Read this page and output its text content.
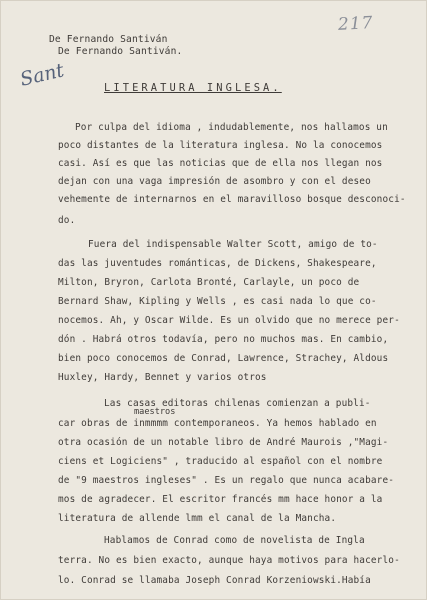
217
De Fernando Santiván
De Fernando Santiván.
Sant	LITERATURA INGLESA.
Por culpa del idioma , indudablemente, nos hallamos un
poco distantes de la literatura inglesa. No la conocemos
casi. Así es que las noticias que de ella nos llegan nos
dejan con una vaga impresión de asombro y con el deseo
vehemente de internarnos en el maravilloso bosque desconoci-
do.
Fuera del indispensable Walter Scott, amigo de to-
das las juventudes románticas, de Dickens, Shakespeare,
Milton, Bryron, Carlota Bronté, Carlayle, un poco de
Bernard Shaw, Kipling y Wells , es casi nada lo que co-
nocemos. Ah, y Oscar Wilde. Es un olvido que no merece per-
dón . Habrá otros todavía, pero no muchos mas. En cambio,
bien poco conocemos de Conrad, Lawrence, Strachey, Aldous
Huxley, Hardy, Bennet y varios otros
Las casas editoras chilenas comienzan a publi-
maestros
car obras de inmmmm contemporaneos. Ya hemos hablado en
otra ocasión de un notable libro de André Maurois ,"Magi-
ciens et Logiciens" , traducido al español con el nombre
de "9 maestros ingleses" . Es un regalo que nunca acabare-
mos de agradecer. El escritor francés mm hace honor a la
literatura de allende lmm el canal de la Mancha.
Hablamos de Conrad como de novelista de Ingla
terra. No es bien exacto, aunque haya motivos para hacerlo-
lo. Conrad se llamaba Joseph Conrad Korzeniowski.Había
